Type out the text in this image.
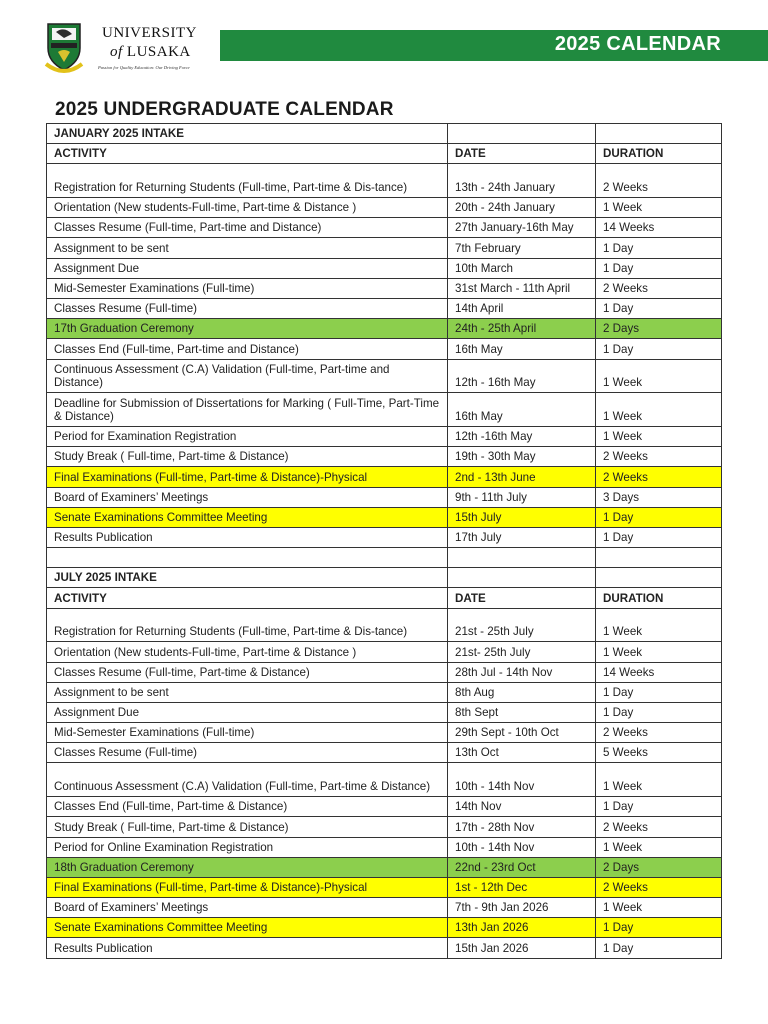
UNIVERSITY
of LUSAKA
Passion for Quality Education: Our Driving Force
2025 CALENDAR
2025 UNDERGRADUATE CALENDAR
JANUARY 2025 INTAKE		
ACTIVITY	DATE	DURATION
Registration for Returning Students (Full-time, Part-time & Dis-tance)	13th - 24th January	2 Weeks
Orientation (New students-Full-time, Part-time & Distance )	20th - 24th January	1 Week
Classes Resume (Full-time, Part-time and Distance)	27th January-16th May	14 Weeks
Assignment to be sent	7th February	1 Day
Assignment Due	10th March	1 Day
Mid-Semester Examinations (Full-time)	31st March - 11th April	2 Weeks
Classes Resume (Full-time)	14th April	1 Day
17th Graduation Ceremony	24th - 25th April	2 Days
Classes End (Full-time, Part-time and Distance)	16th May	1 Day
Continuous Assessment (C.A) Validation (Full-time, Part-time and Distance)	12th - 16th May	1 Week
Deadline for Submission of Dissertations for Marking ( Full-Time, Part-Time & Distance)	16th May	1 Week
Period for Examination Registration	12th -16th May	1 Week
Study Break ( Full-time, Part-time & Distance)	19th - 30th May	2 Weeks
Final Examinations (Full-time, Part-time & Distance)-Physical	2nd - 13th June	2 Weeks
Board of Examiners’ Meetings	9th - 11th July	3 Days
Senate Examinations Committee Meeting	15th July	1 Day
Results Publication	17th July	1 Day

JULY 2025 INTAKE		
ACTIVITY	DATE	DURATION
Registration for Returning Students (Full-time, Part-time & Dis-tance)	21st - 25th July	1 Week
Orientation (New students-Full-time, Part-time & Distance )	21st- 25th July	1 Week
Classes Resume (Full-time, Part-time & Distance)	28th Jul - 14th Nov	14 Weeks
Assignment to be sent	8th Aug	1 Day
Assignment Due	8th Sept	1 Day
Mid-Semester Examinations (Full-time)	29th Sept - 10th Oct	2 Weeks
Classes Resume (Full-time)	13th Oct	5 Weeks
Continuous Assessment (C.A) Validation (Full-time, Part-time & Distance)	10th - 14th Nov	1 Week
Classes End (Full-time, Part-time & Distance)	14th Nov	1 Day
Study Break ( Full-time, Part-time & Distance)	17th - 28th Nov	2 Weeks
Period for Online Examination Registration	10th - 14th Nov	1 Week
18th Graduation Ceremony	22nd - 23rd Oct	2 Days
Final Examinations (Full-time, Part-time & Distance)-Physical	1st - 12th Dec	2 Weeks
Board of Examiners’ Meetings	7th - 9th Jan 2026	1 Week
Senate Examinations Committee Meeting	13th Jan 2026	1 Day
Results Publication	15th Jan 2026	1 Day
